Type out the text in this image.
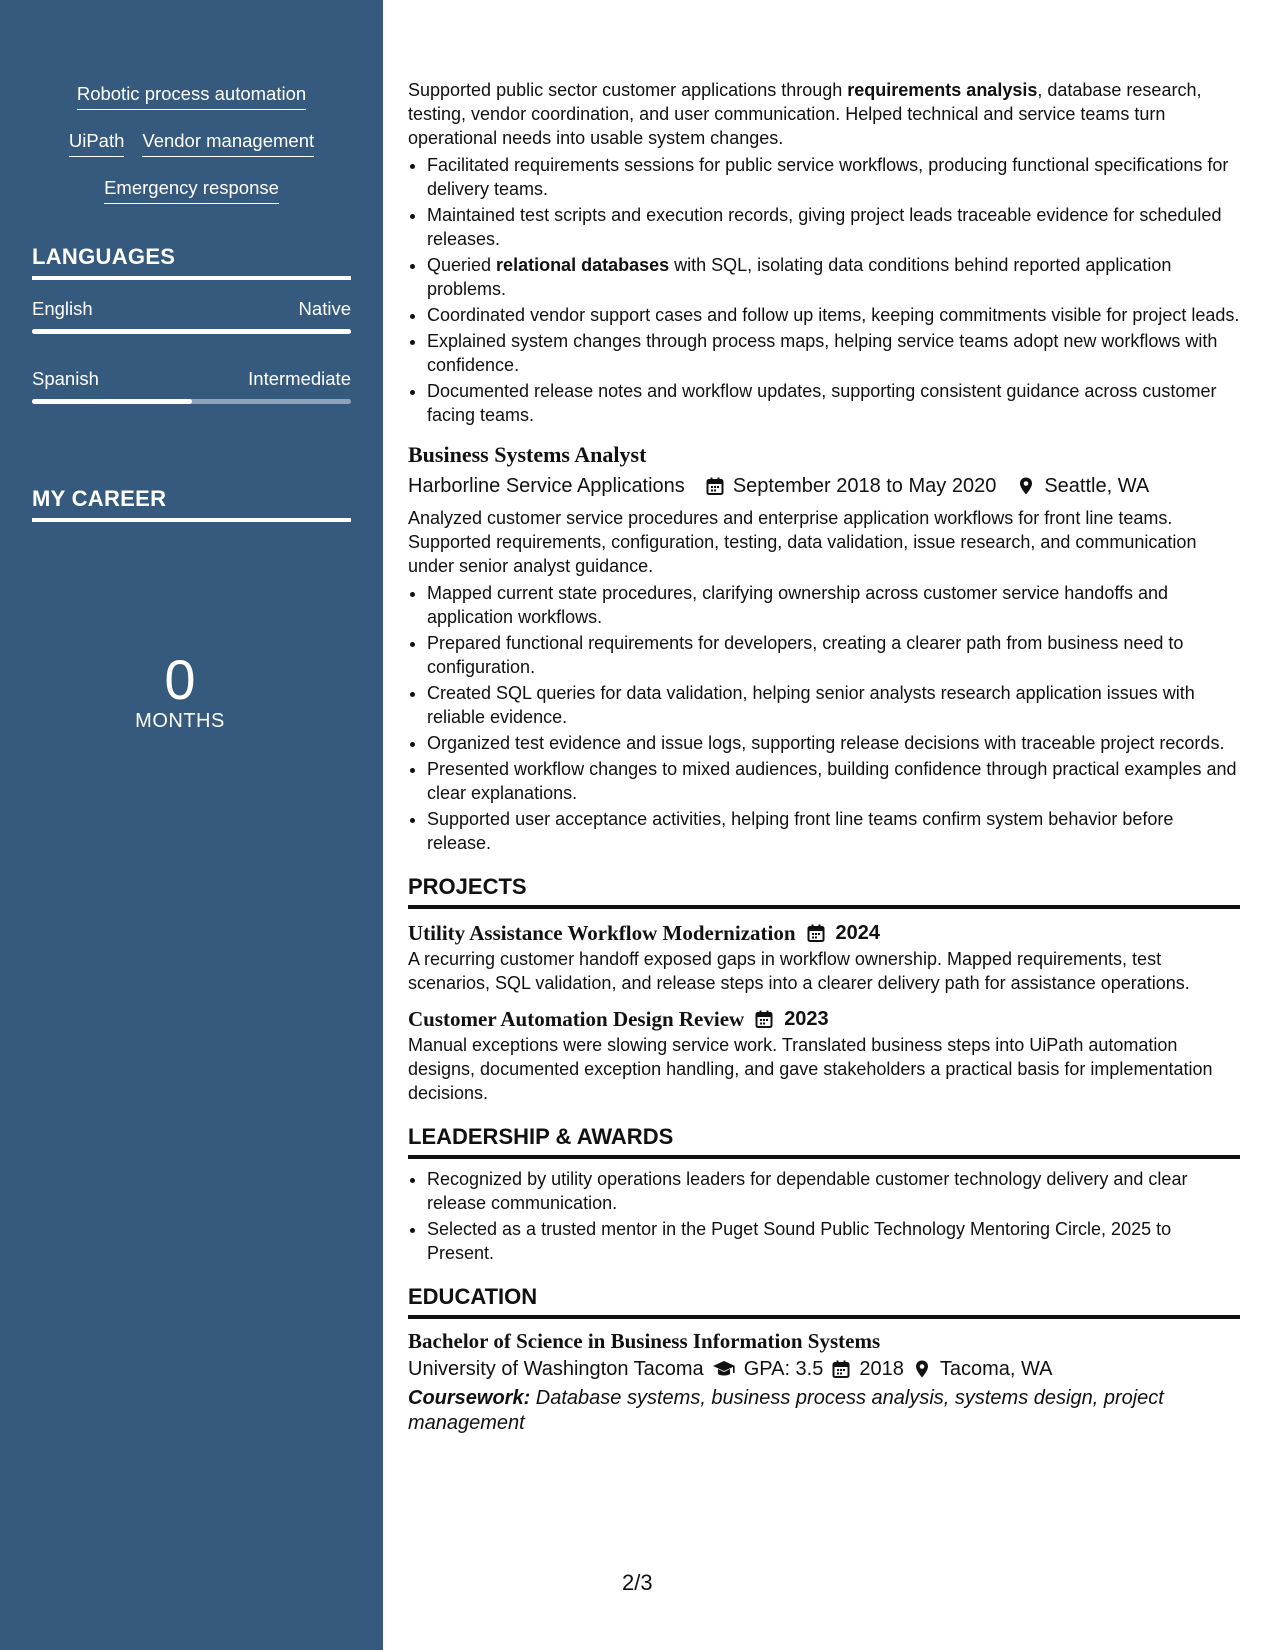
Robotic process automation
UiPath Vendor management
Emergency response
LANGUAGES
English	Native
Spanish	Intermediate
MY CAREER
0
MONTHS

Supported public sector customer applications through requirements analysis, database research, testing, vendor coordination, and user communication. Helped technical and service teams turn operational needs into usable system changes.

• Facilitated requirements sessions for public service workflows, producing functional specifications for delivery teams.
• Maintained test scripts and execution records, giving project leads traceable evidence for scheduled releases.
• Queried relational databases with SQL, isolating data conditions behind reported application problems.
• Coordinated vendor support cases and follow up items, keeping commitments visible for project leads.
• Explained system changes through process maps, helping service teams adopt new workflows with confidence.
• Documented release notes and workflow updates, supporting consistent guidance across customer facing teams.
Business Systems Analyst
Harborline Service Applications September 2018 to May 2020 Seattle, WA

Analyzed customer service procedures and enterprise application workflows for front line teams. Supported requirements, configuration, testing, data validation, issue research, and communication under senior analyst guidance.

• Mapped current state procedures, clarifying ownership across customer service handoffs and application workflows.
• Prepared functional requirements for developers, creating a clearer path from business need to configuration.
• Created SQL queries for data validation, helping senior analysts research application issues with reliable evidence.
• Organized test evidence and issue logs, supporting release decisions with traceable project records.
• Presented workflow changes to mixed audiences, building confidence through practical examples and clear explanations.
• Supported user acceptance activities, helping front line teams confirm system behavior before release.
PROJECTS
Utility Assistance Workflow Modernization 2024

A recurring customer handoff exposed gaps in workflow ownership. Mapped requirements, test scenarios, SQL validation, and release steps into a clearer delivery path for assistance operations.

Customer Automation Design Review 2023

Manual exceptions were slowing service work. Translated business steps into UiPath automation designs, documented exception handling, and gave stakeholders a practical basis for implementation decisions.

LEADERSHIP & AWARDS
• Recognized by utility operations leaders for dependable customer technology delivery and clear release communication.
• Selected as a trusted mentor in the Puget Sound Public Technology Mentoring Circle, 2025 to Present.
EDUCATION
Bachelor of Science in Business Information Systems
University of Washington Tacoma GPA: 3.5 2018 Tacoma, WA
Coursework: Database systems, business process analysis, systems design, project management
2/3
